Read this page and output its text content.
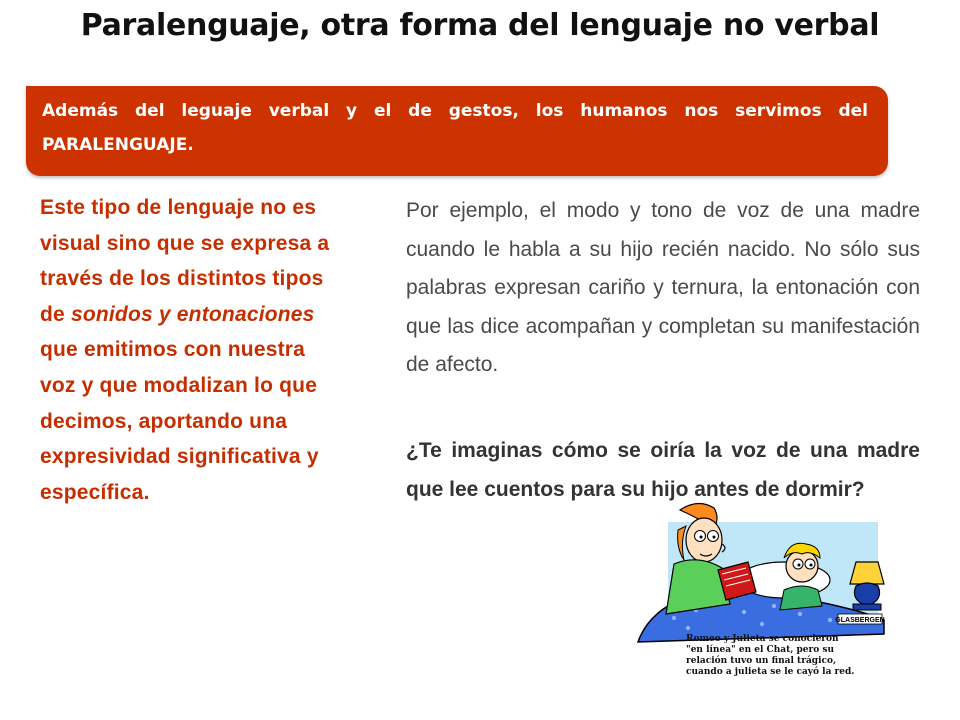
Paralenguaje, otra forma del lenguaje no verbal

Además del leguaje verbal y el de gestos, los humanos nos servimos del PARALENGUAJE.

Este tipo de lenguaje no es visual sino que se expresa a través de los distintos tipos de sonidos y entonaciones que emitimos con nuestra voz y que modalizan lo que decimos, aportando una expresividad significativa y específica.

Por ejemplo, el modo y tono de voz de una madre cuando le habla a su hijo recién nacido. No sólo sus palabras expresan cariño y ternura, la entonación con que las dice acompañan y completan su manifestación de afecto.

¿Te imaginas cómo se oiría la voz de una madre que lee cuentos para su hijo antes de dormir?
GLASBERGEN
Romeo y Julieta se conocieron "en línea" en el Chat, pero su relación tuvo un final trágico, cuando a julieta se le cayó la red.
